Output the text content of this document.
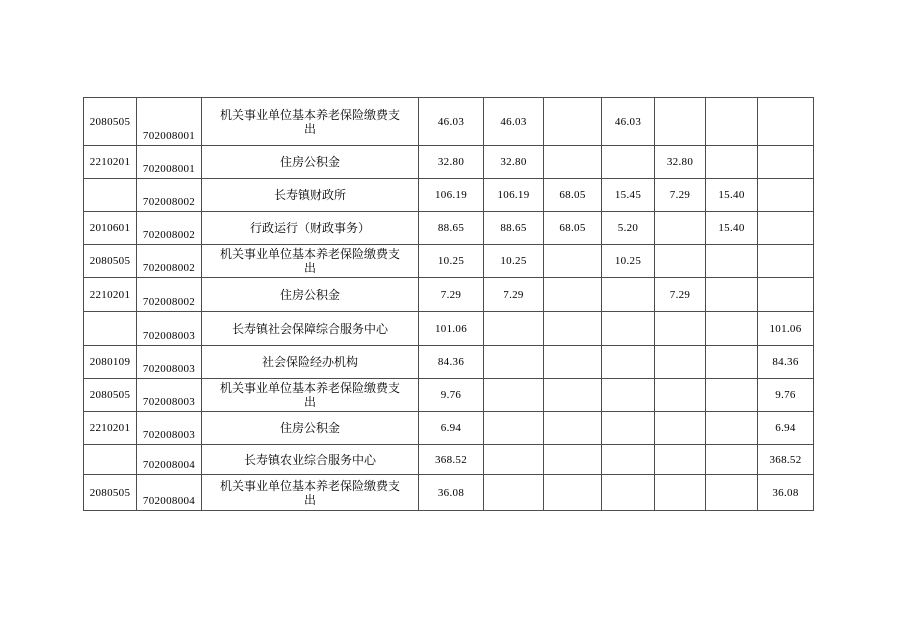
2080505	702008001	机关事业单位基本养老保险缴费支出	46.03	46.03		46.03			
2210201	702008001	住房公积金	32.80	32.80			32.80		
	702008002	长寿镇财政所	106.19	106.19	68.05	15.45	7.29	15.40	
2010601	702008002	行政运行（财政事务）	88.65	88.65	68.05	5.20		15.40	
2080505	702008002	机关事业单位基本养老保险缴费支出	10.25	10.25		10.25			
2210201	702008002	住房公积金	7.29	7.29			7.29		
	702008003	长寿镇社会保障综合服务中心	101.06						101.06
2080109	702008003	社会保险经办机构	84.36						84.36
2080505	702008003	机关事业单位基本养老保险缴费支出	9.76						9.76
2210201	702008003	住房公积金	6.94						6.94
	702008004	长寿镇农业综合服务中心	368.52						368.52
2080505	702008004	机关事业单位基本养老保险缴费支出	36.08						36.08
